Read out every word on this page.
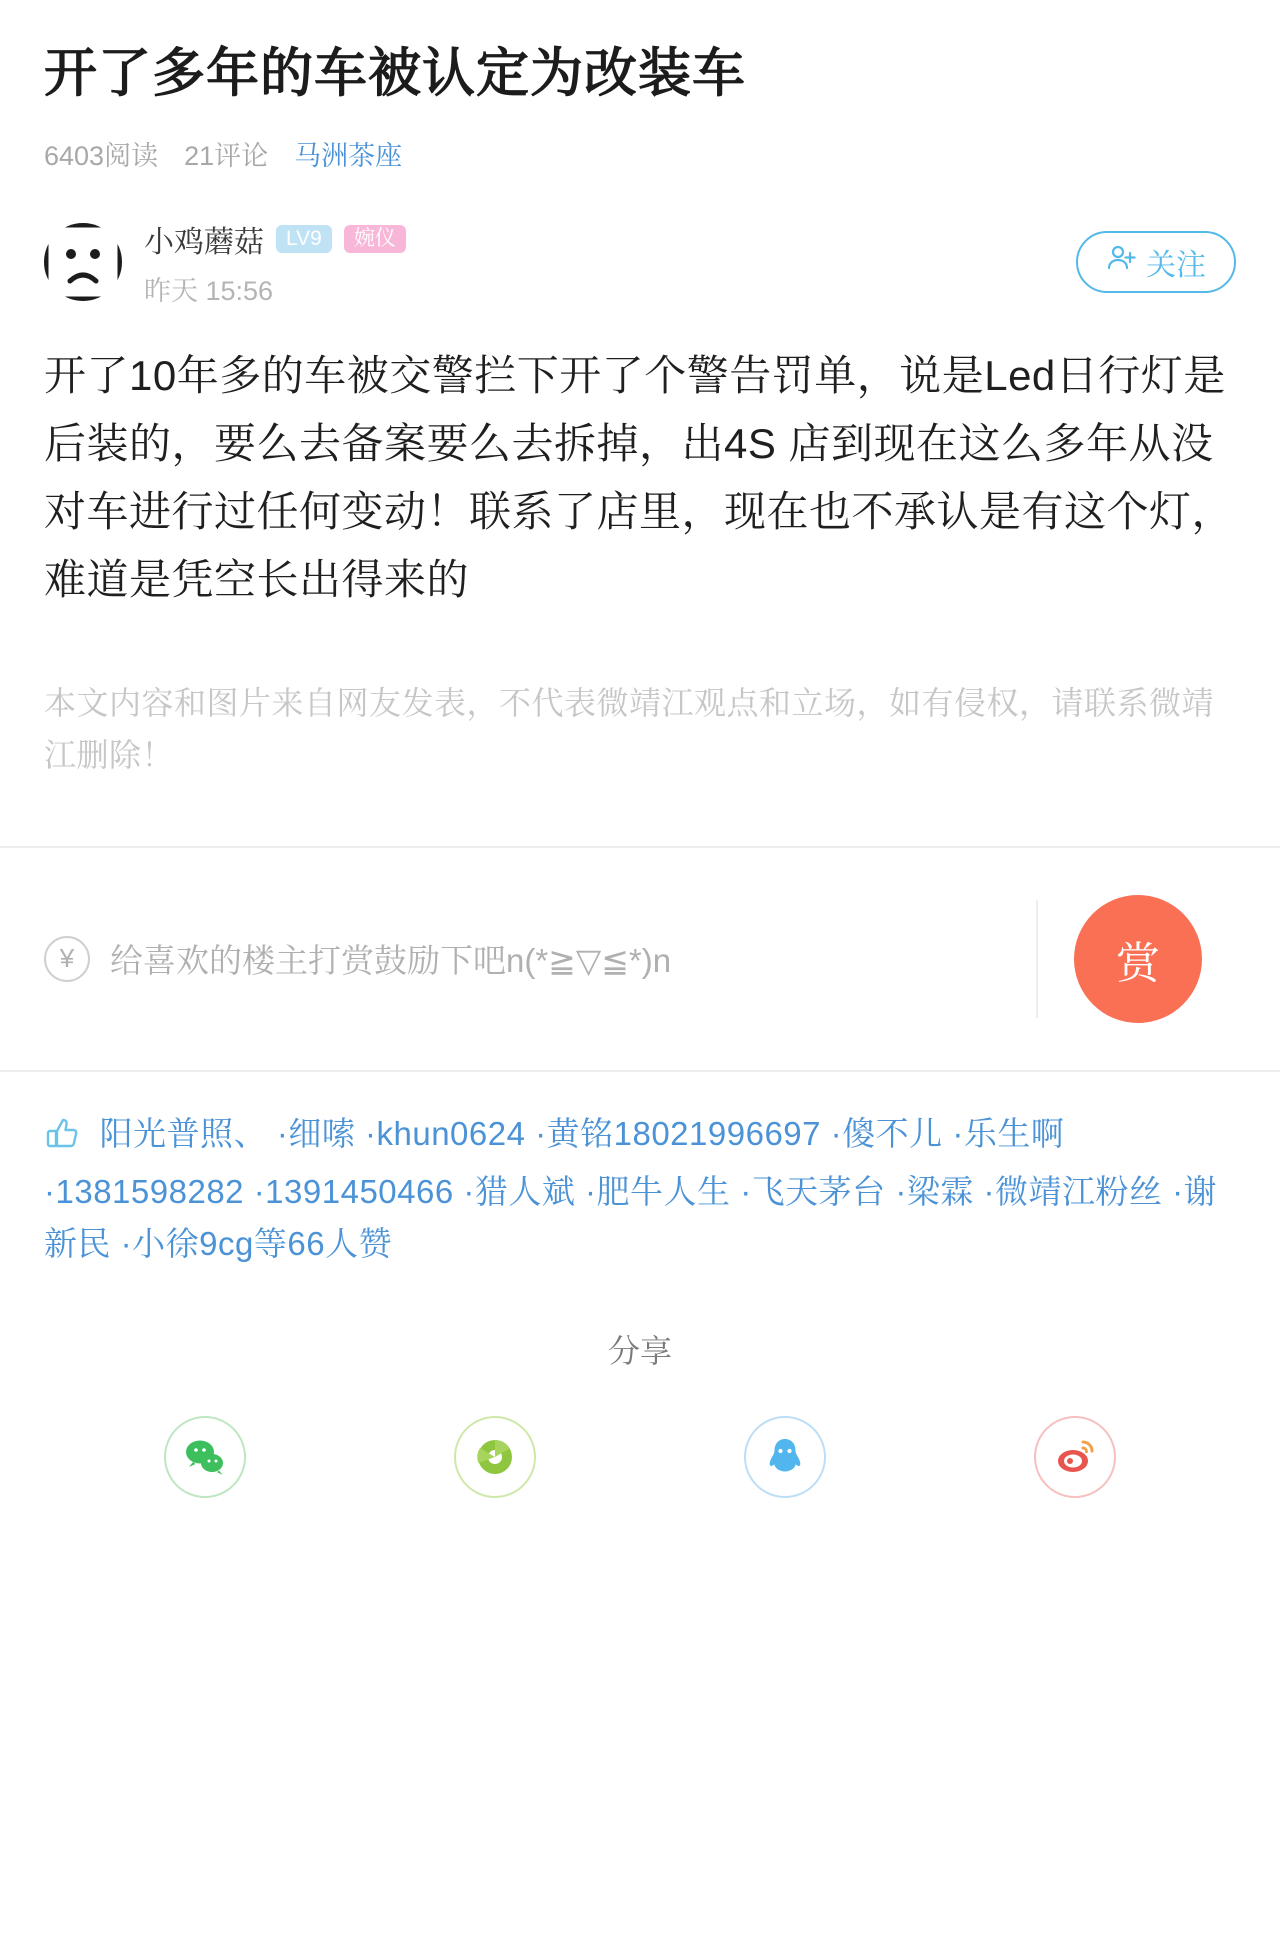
开了多年的车被认定为改装车
6403阅读 21评论 马洲茶座
小鸡蘑菇	LV9	婉仪
昨天 15:56
关注
开了10年多的车被交警拦下开了个警告罚单，说是Led日行灯是后装的，要么去备案要么去拆掉，出4S 店到现在这么多年从没对车进行过任何变动！联系了店里，现在也不承认是有这个灯，难道是凭空长出得来的
本文内容和图片来自网友发表，不代表微靖江观点和立场，如有侵权，请联系微靖江删除！
¥	给喜欢的楼主打赏鼓励下吧n(*≧▽≦*)n	赏
阳光普照、 ·细嗦 ·khun0624 ·黄铭18021996697 ·傻不儿 ·乐生啊 ·1381598282 ·1391450466 ·猎人斌 ·肥牛人生 ·飞天茅台 ·梁霖 ·微靖江粉丝 ·谢新民 ·小徐9cg等66人赞
分享
